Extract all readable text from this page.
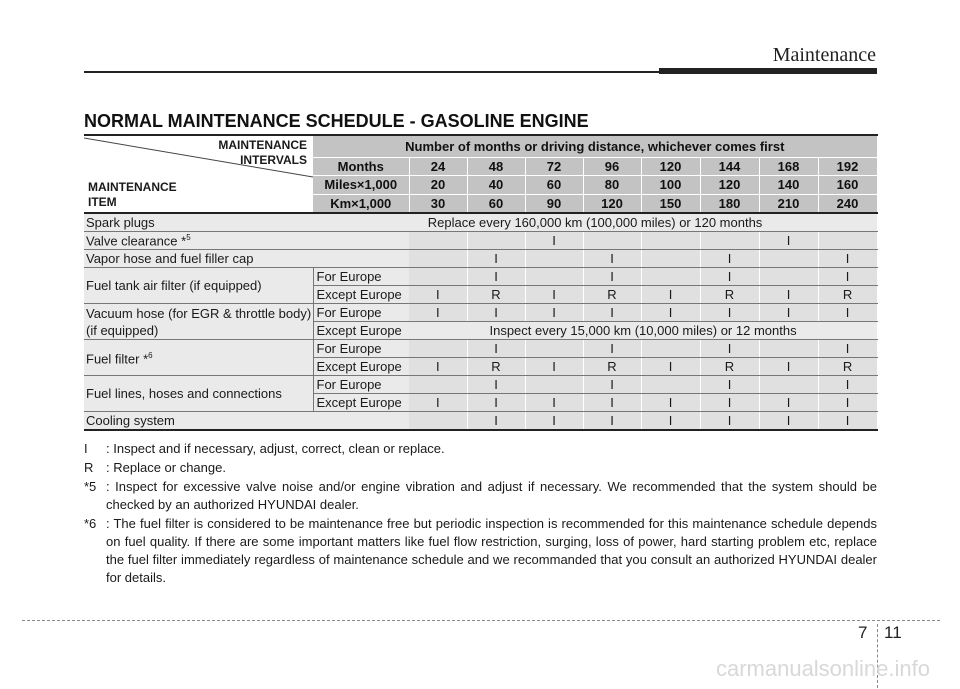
Maintenance
NORMAL MAINTENANCE SCHEDULE - GASOLINE ENGINE
MAINTENANCE
INTERVALS
MAINTENANCE
ITEM	Number of months or driving distance, whichever comes first								
	Months	24	48	72	96	120	144	168	192
	Miles×1,000	20	40	60	80	100	120	140	160
	Km×1,000	30	60	90	120	150	180	210	240
Spark plugs	Replace every 160,000 km (100,000 miles) or 120 months								
Valve clearance *$^5$				I				I	
Vapor hose and fuel filler cap			I		I		I		I
Fuel tank air filter (if equipped)	For Europe		I		I		I		I
	Except Europe	I	R	I	R	I	R	I	R
Vacuum hose (for EGR & throttle body) (if equipped)	For Europe	I	I	I	I	I	I	I	I
	Except Europe	Inspect every 15,000 km (10,000 miles) or 12 months							
Fuel filter *$^6$	For Europe		I		I		I		I
	Except Europe	I	R	I	R	I	R	I	R
Fuel lines, hoses and connections	For Europe		I		I		I		I
	Except Europe	I	I	I	I	I	I	I	I
Cooling system			I	I	I	I	I	I	I
I	: Inspect and if necessary, adjust, correct, clean or replace.
R : Replace or change.
*5 : Inspect for excessive valve noise and/or engine vibration and adjust if necessary. We recommended that the system should be checked by an authorized HYUNDAI dealer.
*6 : The fuel filter is considered to be maintenance free but periodic inspection is recommended for this maintenance schedule depends on fuel quality. If there are some important matters like fuel flow restriction, surging, loss of power, hard starting problem etc, replace the fuel filter immediately regardless of maintenance schedule and we recommanded that you consult an authorized HYUNDAI dealer for details.
7 11
carmanualsonline.info
